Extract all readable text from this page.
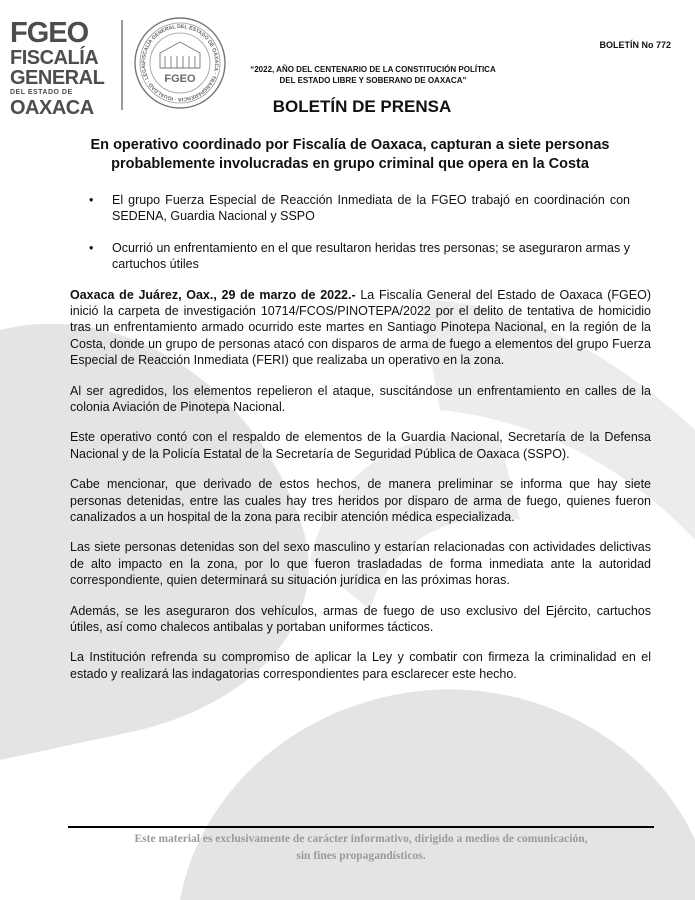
FGEO
FISCALÍA
GENERAL
DEL ESTADO DE
OAXACA
FISCALÍA GENERAL DEL ESTADO DE OAXACA · TRANSPARENCIA · IGUALDAD · LEGAL
FGEO
BOLETÍN No 772
“2022, AÑO DEL CENTENARIO DE LA CONSTITUCIÓN POLÍTICA
DEL ESTADO LIBRE Y SOBERANO DE OAXACA”
BOLETÍN DE PRENSA
En operativo coordinado por Fiscalía de Oaxaca, capturan a siete personas
probablemente involucradas en grupo criminal que opera en la Costa
• El grupo Fuerza Especial de Reacción Inmediata de la FGEO trabajó en coordinación con SEDENA, Guardia Nacional y SSPO
• Ocurrió un enfrentamiento en el que resultaron heridas tres personas; se aseguraron armas y cartuchos útiles

Oaxaca de Juárez, Oax., 29 de marzo de 2022.- La Fiscalía General del Estado de Oaxaca (FGEO) inició la carpeta de investigación 10714/FCOS/PINOTEPA/2022 por el delito de tentativa de homicidio tras un enfrentamiento armado ocurrido este martes en Santiago Pinotepa Nacional, en la región de la Costa, donde un grupo de personas atacó con disparos de arma de fuego a elementos del grupo Fuerza Especial de Reacción Inmediata (FERI) que realizaba un operativo en la zona.

Al ser agredidos, los elementos repelieron el ataque, suscitándose un enfrentamiento en calles de la colonia Aviación de Pinotepa Nacional.

Este operativo contó con el respaldo de elementos de la Guardia Nacional, Secretaría de la Defensa Nacional y de la Policía Estatal de la Secretaría de Seguridad Pública de Oaxaca (SSPO).

Cabe mencionar, que derivado de estos hechos, de manera preliminar se informa que hay siete personas detenidas, entre las cuales hay tres heridos por disparo de arma de fuego, quienes fueron canalizados a un hospital de la zona para recibir atención médica especializada.

Las siete personas detenidas son del sexo masculino y estarían relacionadas con actividades delictivas de alto impacto en la zona, por lo que fueron trasladadas de forma inmediata ante la autoridad correspondiente, quien determinará su situación jurídica en las próximas horas.

Además, se les aseguraron dos vehículos, armas de fuego de uso exclusivo del Ejército, cartuchos útiles, así como chalecos antibalas y portaban uniformes tácticos.

La Institución refrenda su compromiso de aplicar la Ley y combatir con firmeza la criminalidad en el estado y realizará las indagatorias correspondientes para esclarecer este hecho.

Este material es exclusivamente de carácter informativo, dirigido a medios de comunicación,
sin fines propagandísticos.
